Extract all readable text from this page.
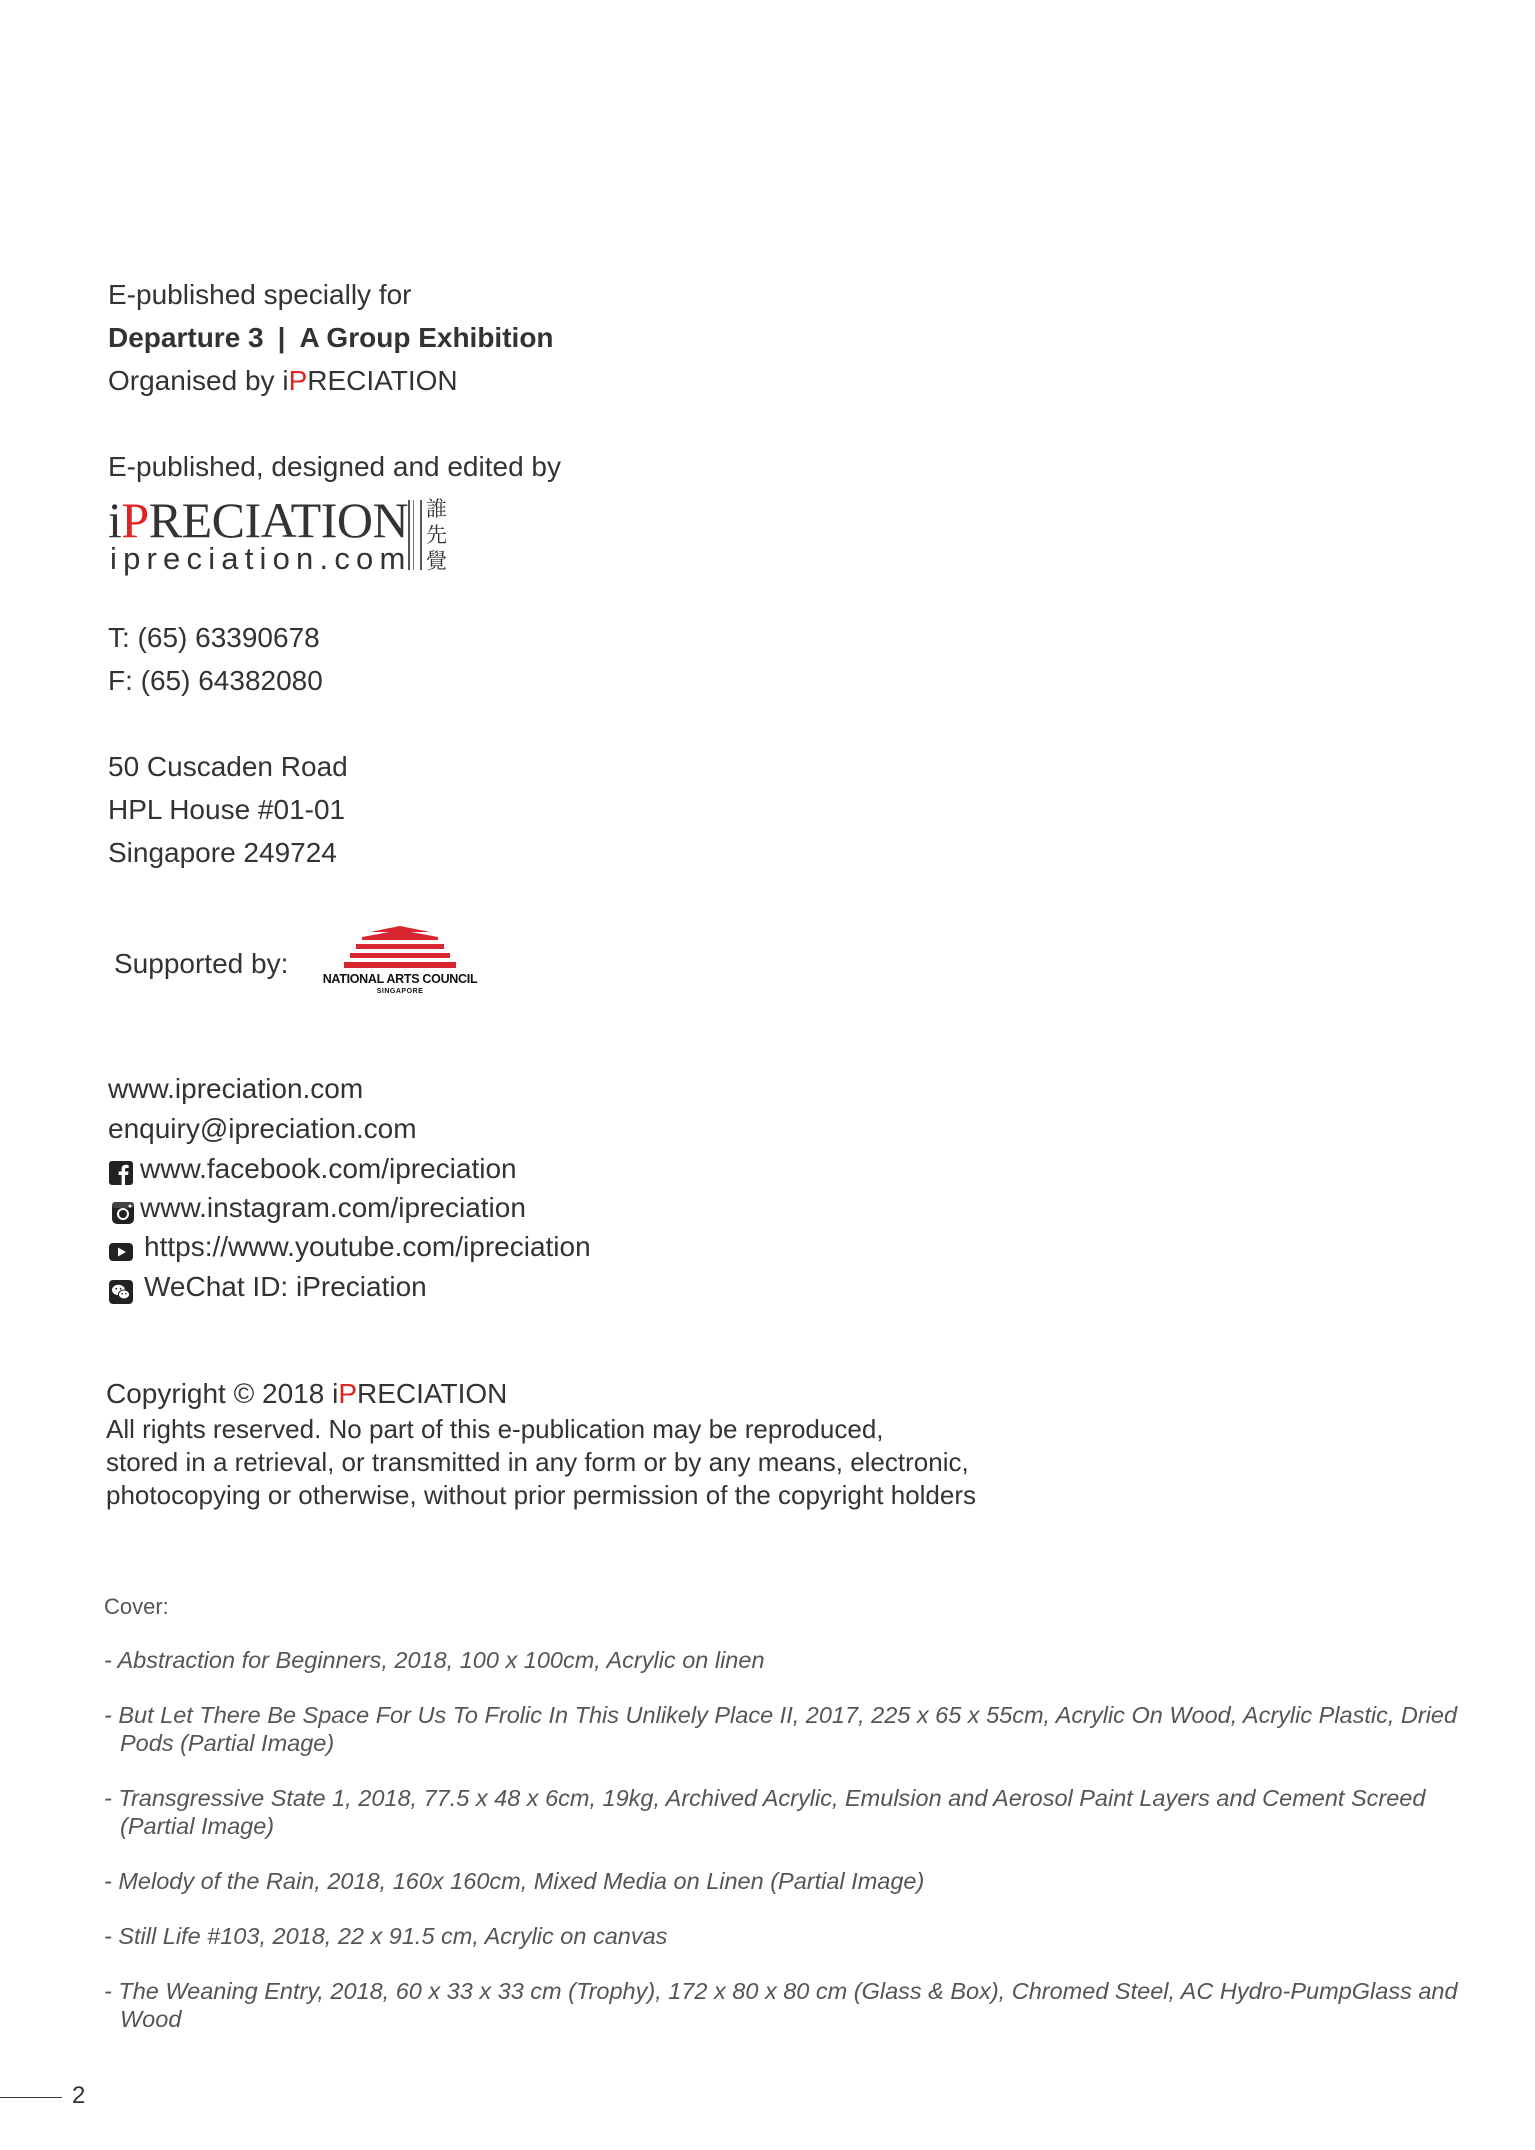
E-published specially for
Departure 3 | A Group Exhibition
Organised by iPRECIATION
E-published, designed and edited by
iPRECIATION
ipreciation.com
誰先覺
T: (65) 63390678
F: (65) 64382080
50 Cuscaden Road
HPL House #01-01
Singapore 249724
Supported by:	NATIONAL ARTS COUNCIL
SINGAPORE
www.ipreciation.com
enquiry@ipreciation.com
www.facebook.com/ipreciation
www.instagram.com/ipreciation
https://www.youtube.com/ipreciation
WeChat ID: iPreciation
Copyright © 2018 iPRECIATION
All rights reserved. No part of this e-publication may be reproduced,
stored in a retrieval, or transmitted in any form or by any means, electronic,
photocopying or otherwise, without prior permission of the copyright holders
Cover:
- Abstraction for Beginners, 2018, 100 x 100cm, Acrylic on linen
- But Let There Be Space For Us To Frolic In This Unlikely Place II, 2017, 225 x 65 x 55cm, Acrylic On Wood, Acrylic Plastic, Dried Pods (Partial Image)
- Transgressive State 1, 2018, 77.5 x 48 x 6cm, 19kg, Archived Acrylic, Emulsion and Aerosol Paint Layers and Cement Screed (Partial Image)
- Melody of the Rain, 2018, 160x 160cm, Mixed Media on Linen (Partial Image)
- Still Life #103, 2018, 22 x 91.5 cm, Acrylic on canvas
- The Weaning Entry, 2018, 60 x 33 x 33 cm (Trophy), 172 x 80 x 80 cm (Glass & Box), Chromed Steel, AC Hydro-PumpGlass and Wood
2
